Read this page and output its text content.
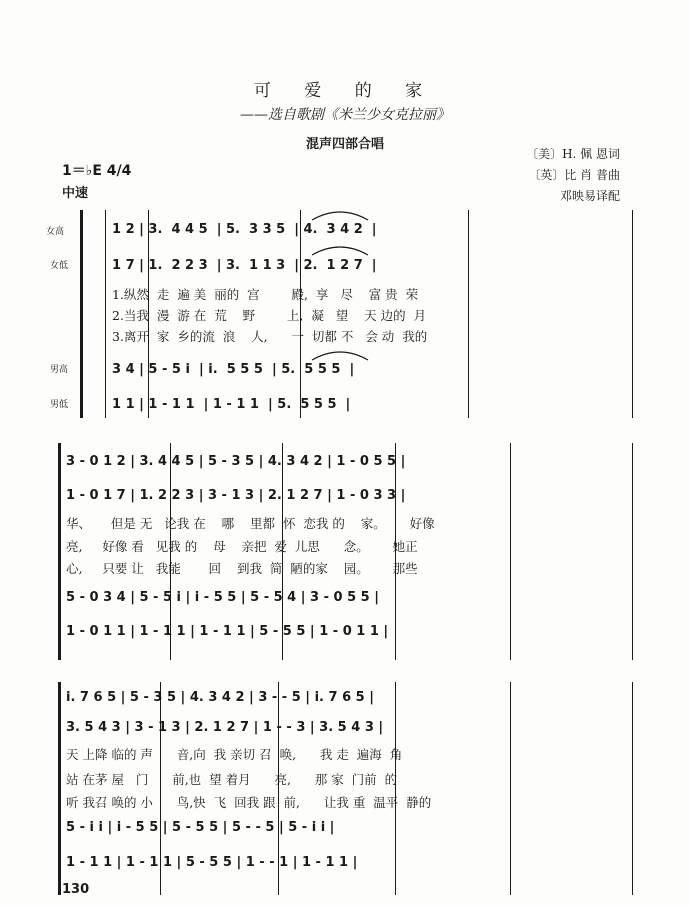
可 爱 的 家
——选自歌剧《米兰少女克拉丽》
混声四部合唱
〔美〕H. 佩 恩词
〔英〕比 肖 普曲
邓映易译配
1＝♭E 4/4
中速
女高
女低
男高
男低
1 2 | 3.  4 4 5  | 5.  3 3 5  | 4.  3 4 2  |
1 7 | 1.  2 2 3  | 3.  1 1 3  | 2.  1 2 7  |
3 4 | 5 - 5 i  | i.  5 5 5  | 5.  5 5 5  |
1 1 | 1 - 1 1  | 1 - 1 1  | 5.  5 5 5  |
1.纵然  走  遍 美  丽的  宫        殿,  享   尽    富 贵  荣
2.当我  漫  游 在  荒    野        上,  凝   望    天 边的  月
3.离开  家  乡的流  浪    人,      一  切都 不   会 动  我的
3 - 0 1 2 | 3. 4 4 5 | 5 - 3 5 | 4. 3 4 2 | 1 - 0 5 5 |
1 - 0 1 7 | 1. 2 2 3 | 3 - 1 3 | 2. 1 2 7 | 1 - 0 3 3 |
5 - 0 3 4 | 5 - 5 i | i - 5 5 | 5 - 5 4 | 3 - 0 5 5 |
1 - 0 1 1 | 1 - 1 1 | 1 - 1 1 | 5 - 5 5 | 1 - 0 1 1 |
华、     但是 无   论我 在    哪    里都  怀  恋我 的    家。      好像
亮,     好像 看   见我 的    母    亲把  爱  儿思      念。      她正
心,     只要 让   我能       回    到我  简  陋的家    园。      那些
i. 7 6 5 | 5 - 3 5 | 4. 3 4 2 | 3 - - 5 | i. 7 6 5 |
3. 5 4 3 | 3 - 1 3 | 2. 1 2 7 | 1 - - 3 | 3. 5 4 3 |
5 - i i | i - 5 5 | 5 - 5 5 | 5 - - 5 | 5 - i i |
1 - 1 1 | 1 - 1 1 | 5 - 5 5 | 1 - - 1 | 1 - 1 1 |
天 上降 临的 声      音,向  我 亲切 召  唤,      我 走  遍海  角
站 在茅 屋   门      前,也  望 着月      亮,      那 家  门前  的
听 我召 唤的 小      鸟,快  飞  回我 跟  前,      让我 重  温平  静的
130
